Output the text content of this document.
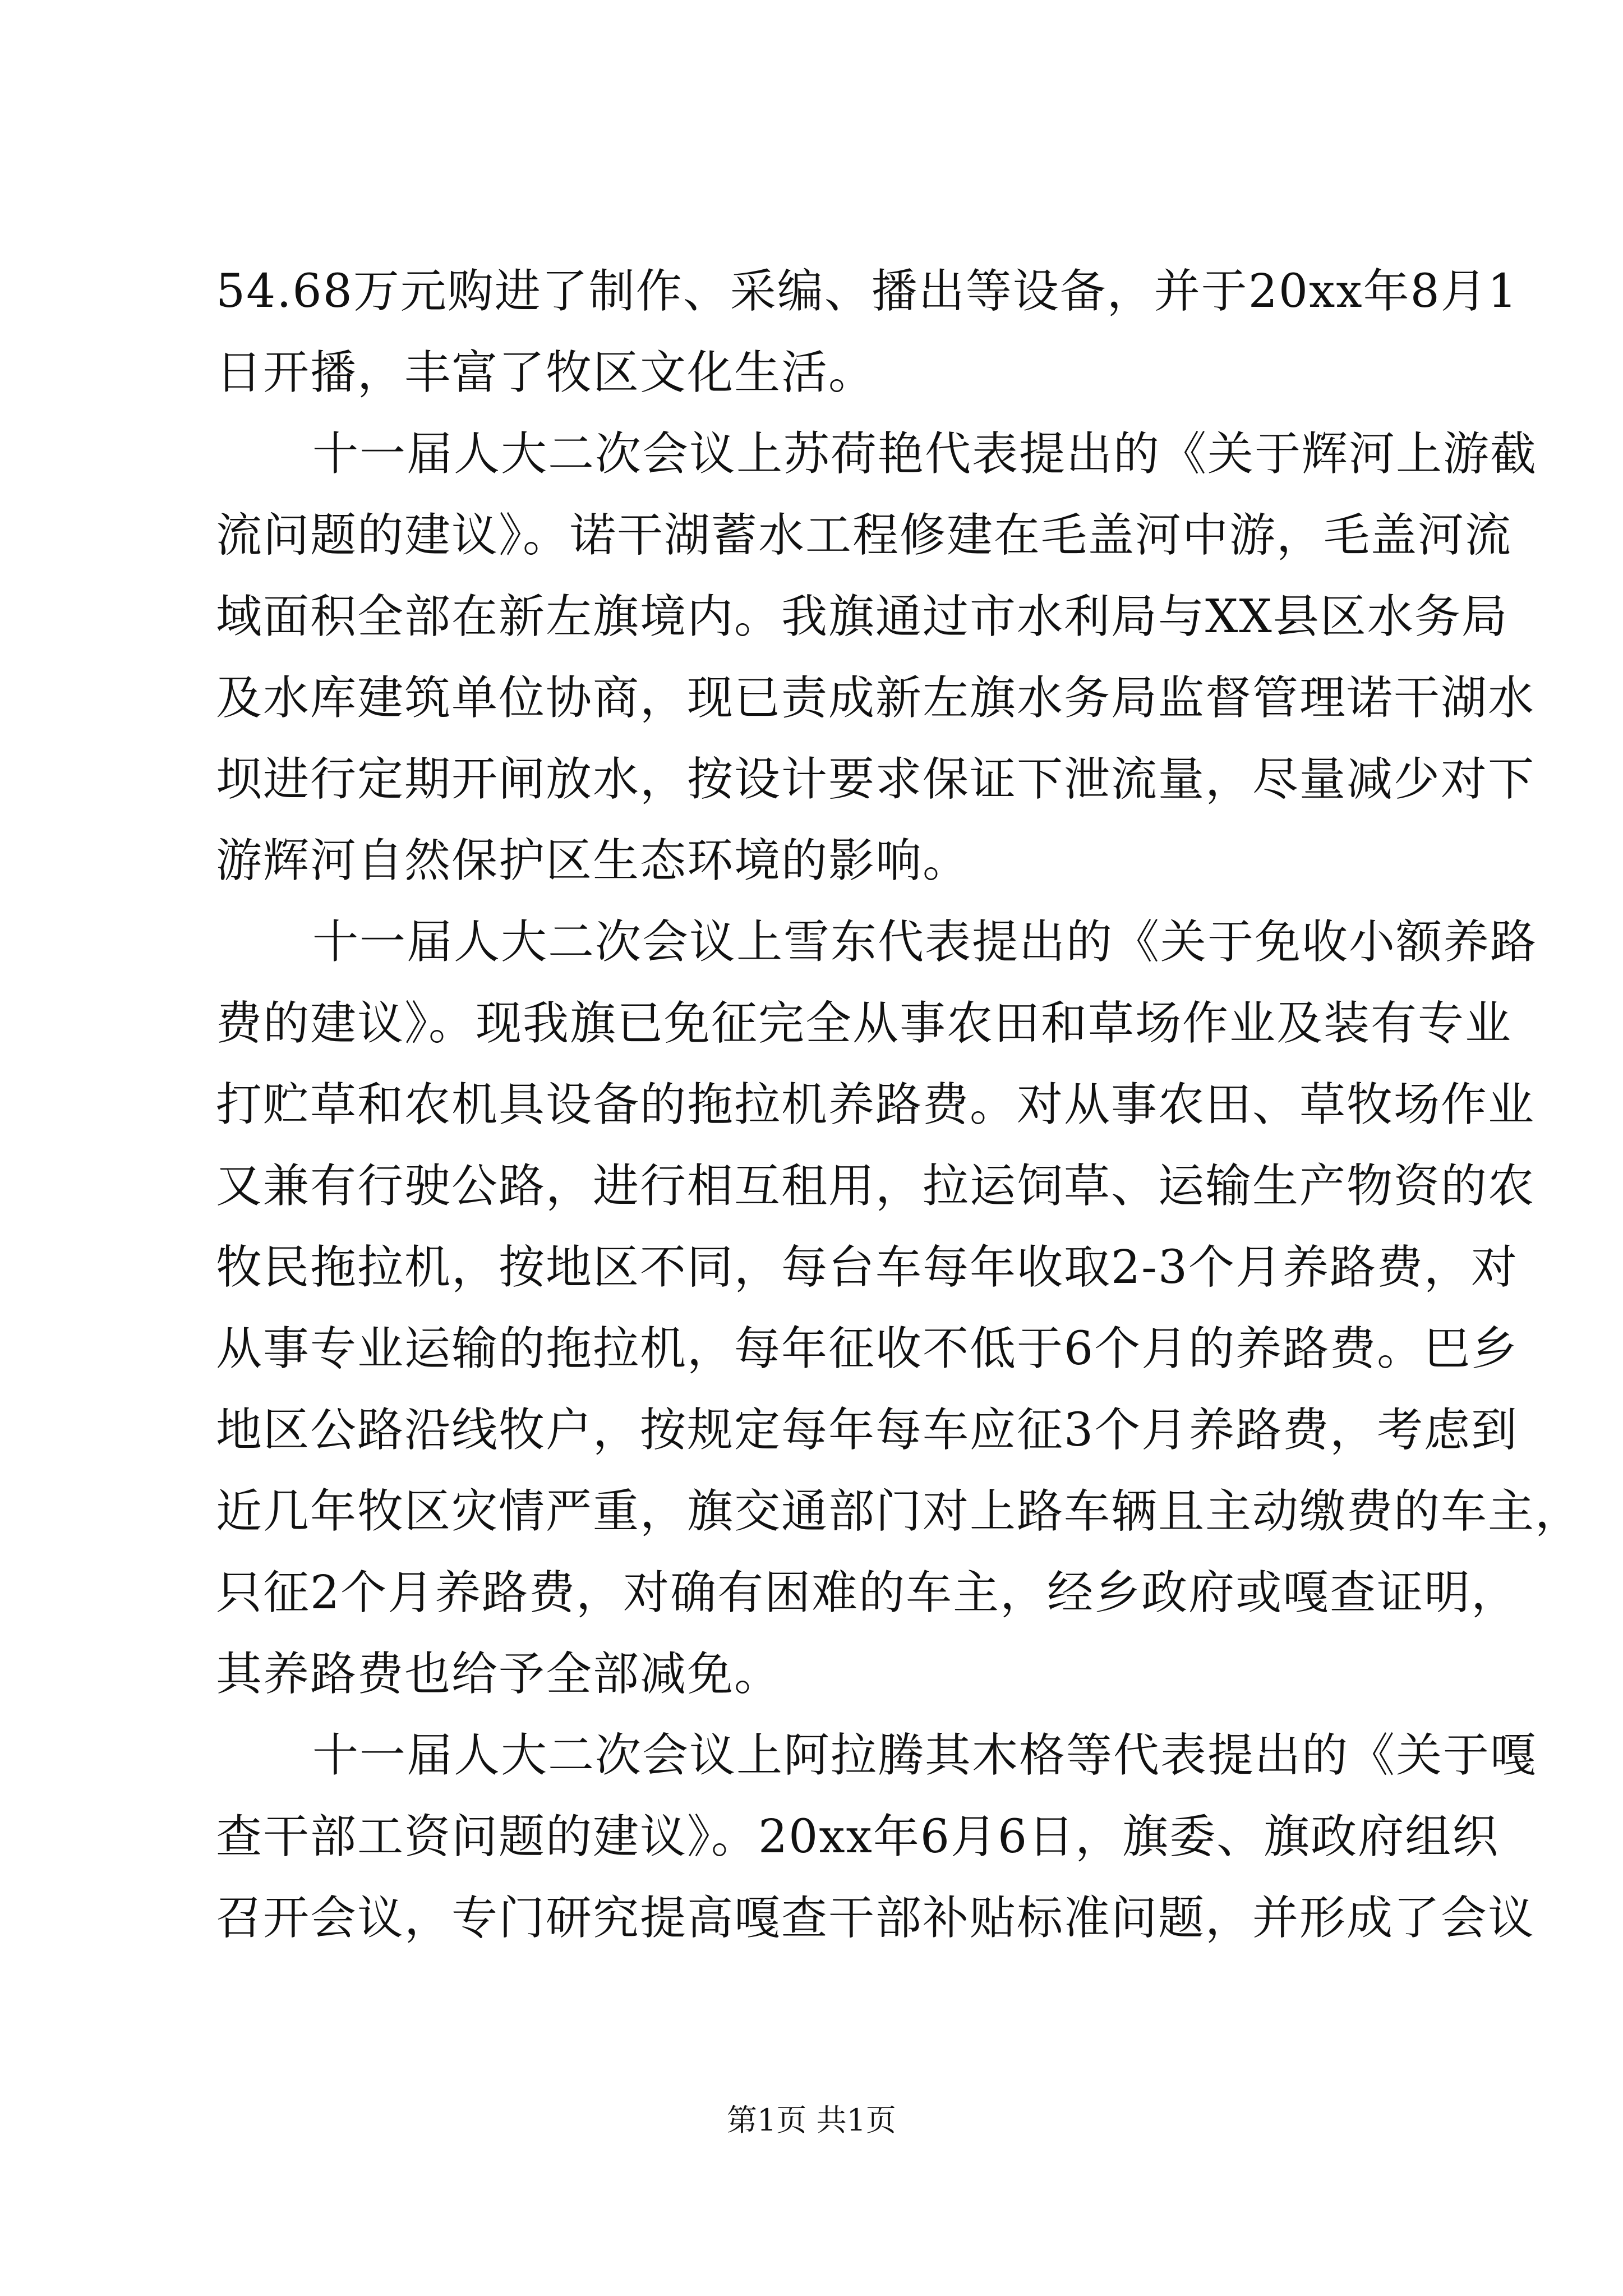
54.68万元购进了制作、采编、播出等设备，并于20xx年8月1
日开播，丰富了牧区文化生活。
十一届人大二次会议上苏荷艳代表提出的《关于辉河上游截
流问题的建议》。诺干湖蓄水工程修建在毛盖河中游，毛盖河流
域面积全部在新左旗境内。我旗通过市水利局与XX县区水务局
及水库建筑单位协商，现已责成新左旗水务局监督管理诺干湖水
坝进行定期开闸放水，按设计要求保证下泄流量，尽量减少对下
游辉河自然保护区生态环境的影响。
十一届人大二次会议上雪东代表提出的《关于免收小额养路
费的建议》。现我旗已免征完全从事农田和草场作业及装有专业
打贮草和农机具设备的拖拉机养路费。对从事农田、草牧场作业
又兼有行驶公路，进行相互租用，拉运饲草、运输生产物资的农
牧民拖拉机，按地区不同，每台车每年收取2-3个月养路费，对
从事专业运输的拖拉机，每年征收不低于6个月的养路费。巴乡
地区公路沿线牧户，按规定每年每车应征3个月养路费，考虑到
近几年牧区灾情严重，旗交通部门对上路车辆且主动缴费的车主，
只征2个月养路费，对确有困难的车主，经乡政府或嘎查证明，
其养路费也给予全部减免。
十一届人大二次会议上阿拉腾其木格等代表提出的《关于嘎
查干部工资问题的建议》。20xx年6月6日，旗委、旗政府组织
召开会议，专门研究提高嘎查干部补贴标准问题，并形成了会议
第1页 共1页
